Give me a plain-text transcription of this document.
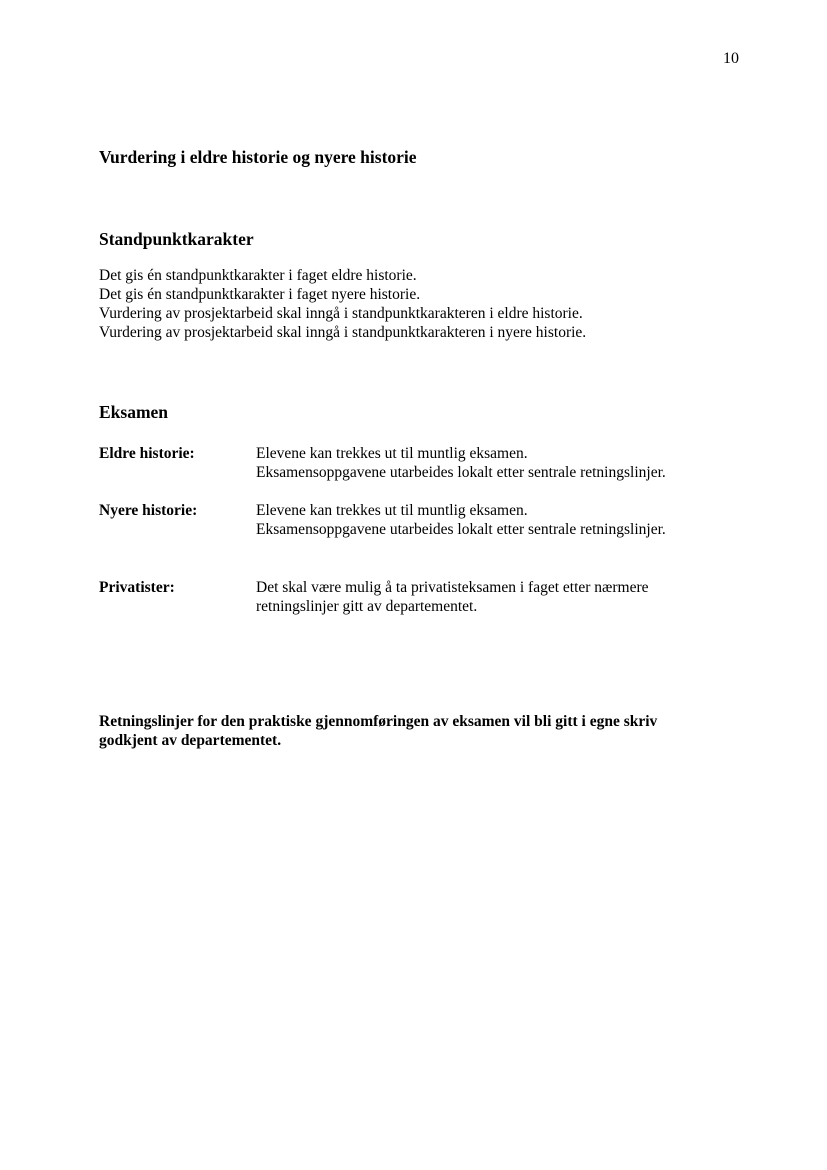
10
Vurdering i eldre historie og nyere historie
Standpunktkarakter
Det gis én standpunktkarakter i faget eldre historie.
Det gis én standpunktkarakter i faget nyere historie.
Vurdering av prosjektarbeid skal inngå i standpunktkarakteren i eldre historie.
Vurdering av prosjektarbeid skal inngå i standpunktkarakteren i nyere historie.
Eksamen
Eldre historie:	Elevene kan trekkes ut til muntlig eksamen.
Eksamensoppgavene utarbeides lokalt etter sentrale retningslinjer.
Nyere historie:	Elevene kan trekkes ut til muntlig eksamen.
Eksamensoppgavene utarbeides lokalt etter sentrale retningslinjer.
Privatister:	Det skal være mulig å ta privatisteksamen i faget etter nærmere
retningslinjer gitt av departementet.
Retningslinjer for den praktiske gjennomføringen av eksamen vil bli gitt i egne skriv
godkjent av departementet.
